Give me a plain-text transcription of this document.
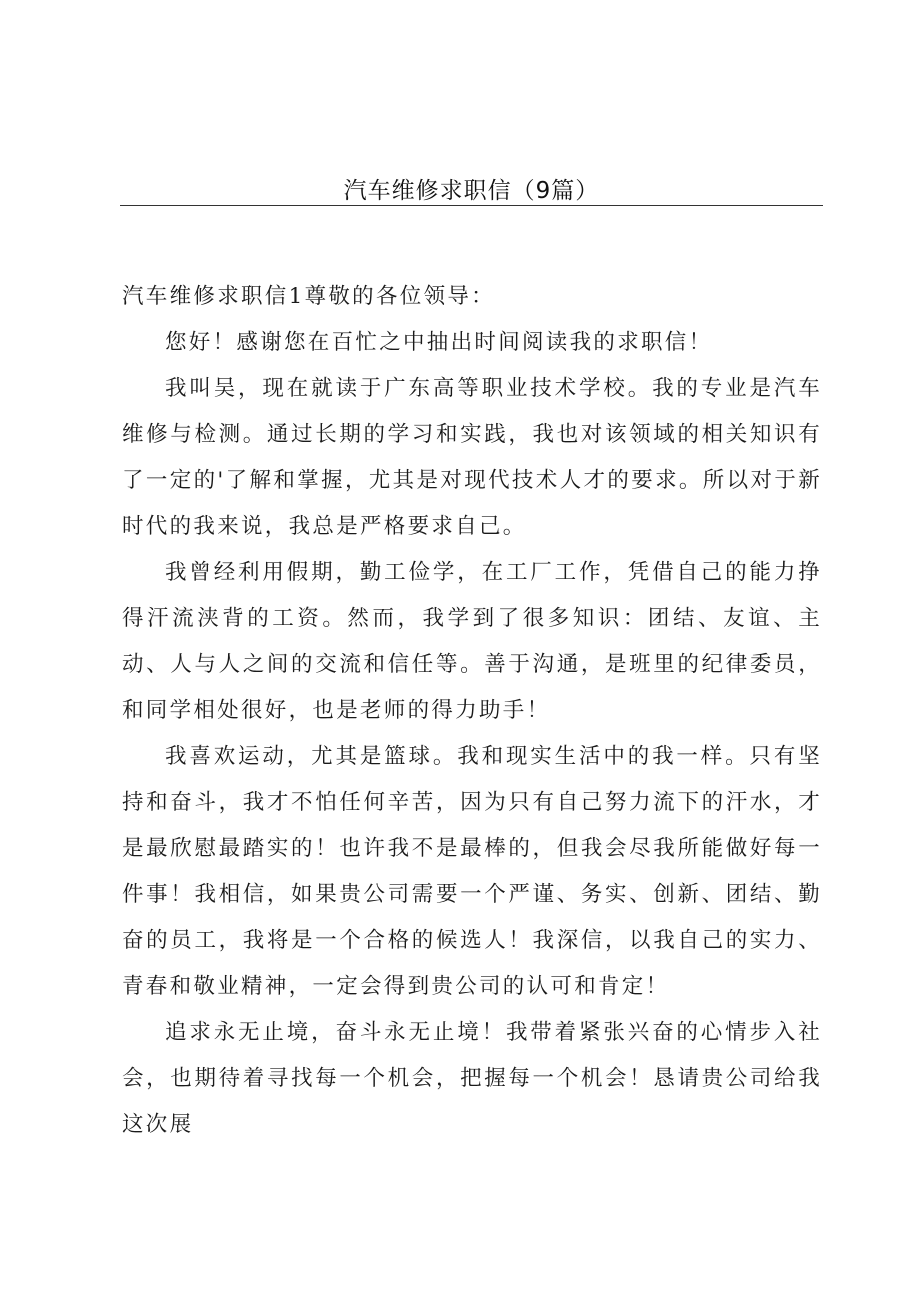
汽车维修求职信（9篇）

汽车维修求职信1尊敬的各位领导：

您好！感谢您在百忙之中抽出时间阅读我的求职信！

我叫吴，现在就读于广东高等职业技术学校。我的专业是汽车维修与检测。通过长期的学习和实践，我也对该领域的相关知识有了一定的'了解和掌握，尤其是对现代技术人才的要求。所以对于新时代的我来说，我总是严格要求自己。

我曾经利用假期，勤工俭学，在工厂工作，凭借自己的能力挣得汗流浃背的工资。然而，我学到了很多知识：团结、友谊、主动、人与人之间的交流和信任等。善于沟通，是班里的纪律委员，和同学相处很好，也是老师的得力助手！

我喜欢运动，尤其是篮球。我和现实生活中的我一样。只有坚持和奋斗，我才不怕任何辛苦，因为只有自己努力流下的汗水，才是最欣慰最踏实的！也许我不是最棒的，但我会尽我所能做好每一件事！我相信，如果贵公司需要一个严谨、务实、创新、团结、勤奋的员工，我将是一个合格的候选人！我深信，以我自己的实力、青春和敬业精神，一定会得到贵公司的认可和肯定！

追求永无止境，奋斗永无止境！我带着紧张兴奋的心情步入社会，也期待着寻找每一个机会，把握每一个机会！恳请贵公司给我这次展
